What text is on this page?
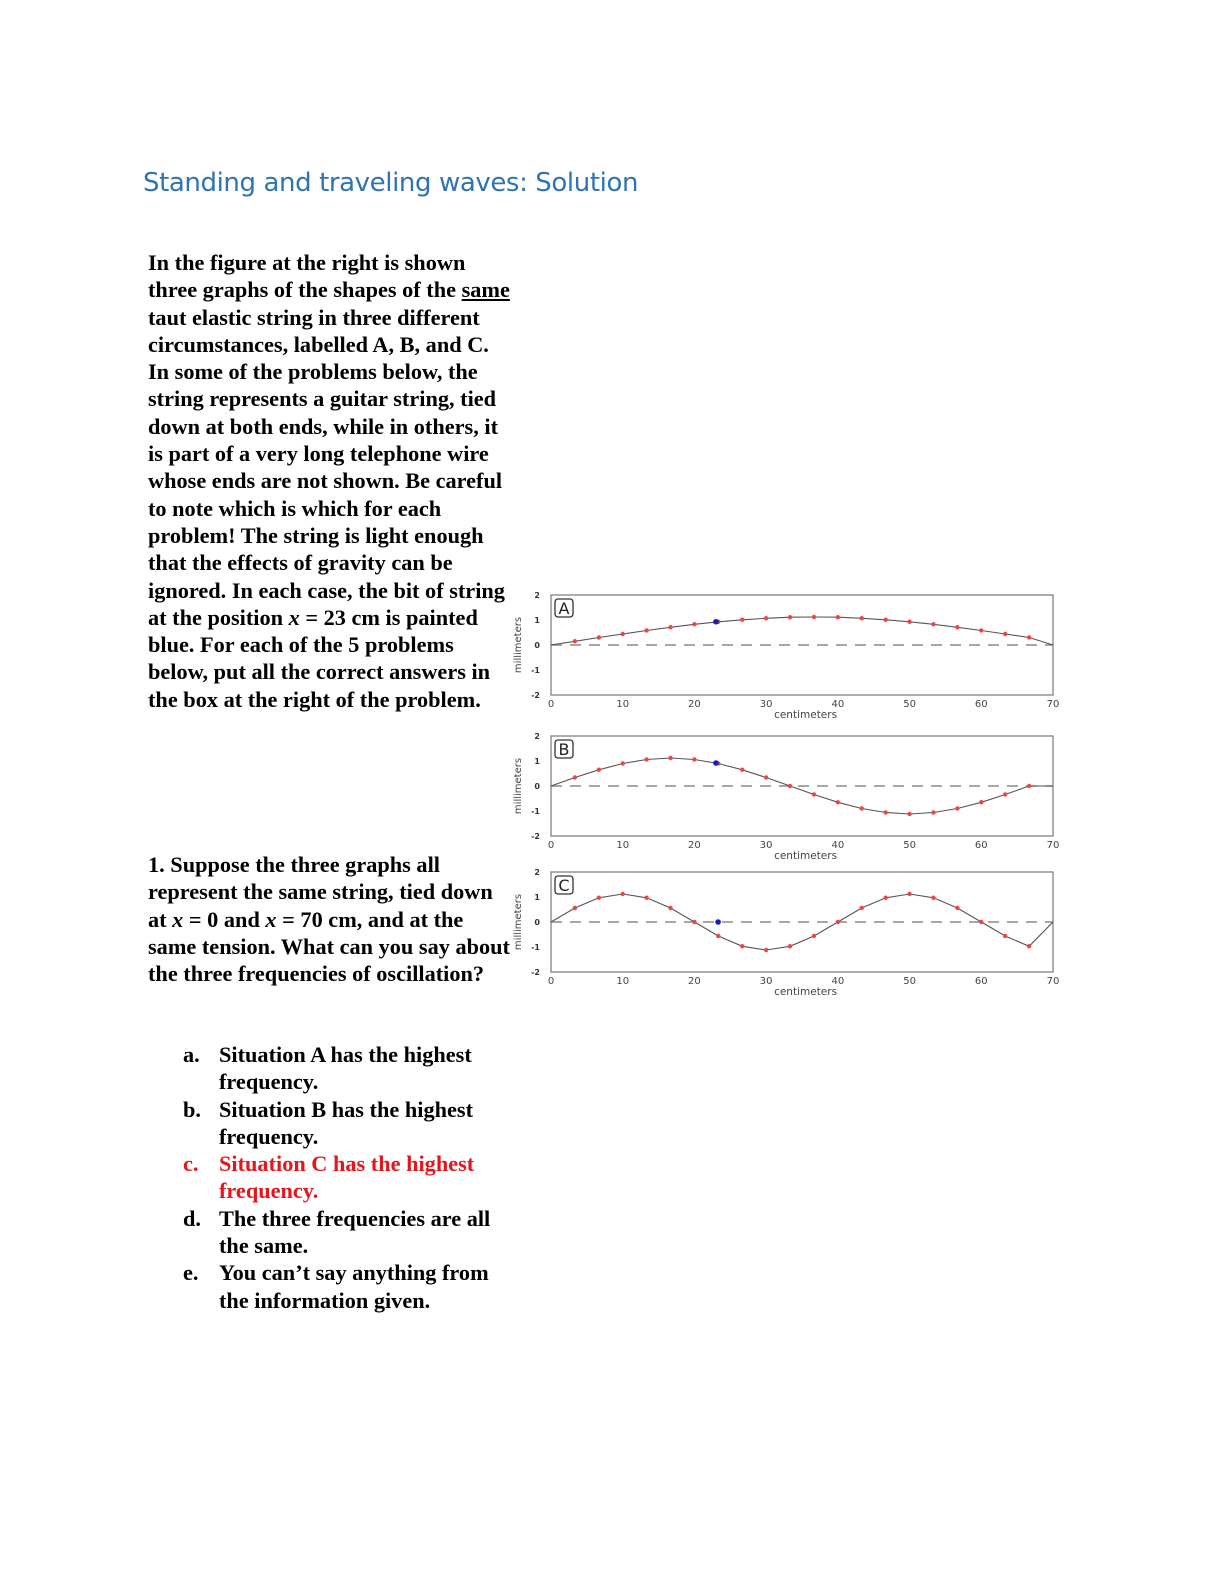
Standing and traveling waves: Solution
In the figure at the right is shown three graphs of the shapes of the same taut elastic string in three different circumstances, labelled A, B, and C. In some of the problems below, the string represents a guitar string, tied down at both ends, while in others, it is part of a very long telephone wire whose ends are not shown. Be careful to note which is which for each problem! The string is light enough that the effects of gravity can be ignored. In each case, the bit of string at the position x = 23 cm is painted blue. For each of the 5 problems below, put all the correct answers in the box at the right of the problem.
1. Suppose the three graphs all represent the same string, tied down at x = 0 and x = 70 cm, and at the same tension. What can you say about the three frequencies of oscillation?
a. Situation A has the highest frequency.
b. Situation B has the highest frequency.
c. Situation C has the highest frequency.
d. The three frequencies are all the same.
e. You can’t say anything from the information given.
A
2
1
0
-1
-2
0	10	20	30	40	50	60	70
centimeters
millimeters
B
2
1
0
-1
-2
0	10	20	30	40	50	60	70
centimeters
millimeters
C
2
1
0
-1
-2
0	10	20	30	40	50	60	70
centimeters
millimeters
